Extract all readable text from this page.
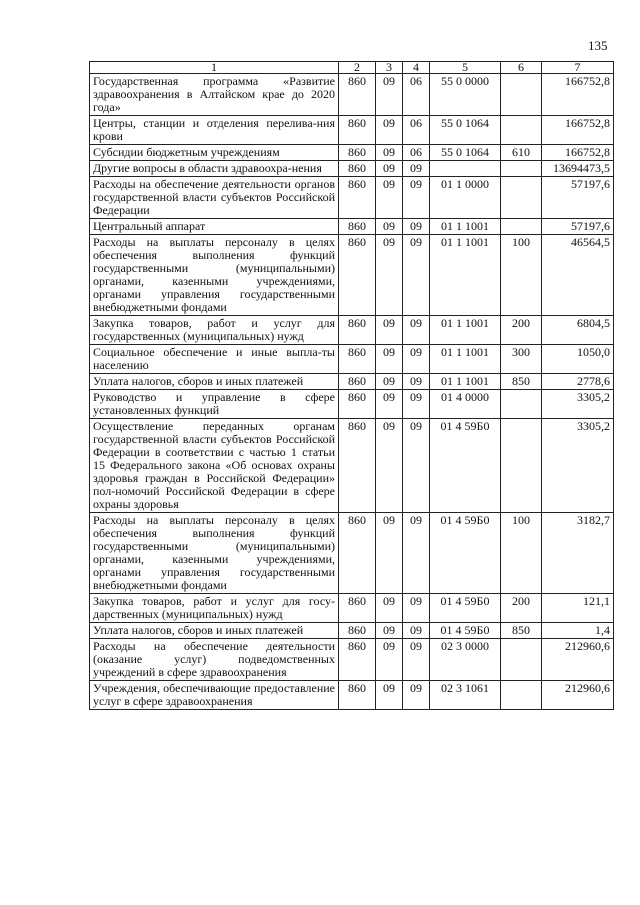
135
1	2	3	4	5	6	7
Государственная программа «Развитие здравоохранения в Алтайском крае до 2020 года»	860	09	06	55 0 0000		166752,8
Центры, станции и отделения перелива-ния крови	860	09	06	55 0 1064		166752,8
Субсидии бюджетным учреждениям	860	09	06	55 0 1064	610	166752,8
Другие вопросы в области здравоохра-нения	860	09	09			13694473,5
Расходы на обеспечение деятельности органов государственной власти субъектов Российской Федерации	860	09	09	01 1 0000		57197,6
Центральный аппарат	860	09	09	01 1 1001		57197,6
Расходы на выплаты персоналу в целях обеспечения выполнения функций государственными (муниципальными) органами, казенными учреждениями, органами управления государственными внебюджетными фондами	860	09	09	01 1 1001	100	46564,5
Закупка товаров, работ и услуг для государственных (муниципальных) нужд	860	09	09	01 1 1001	200	6804,5
Социальное обеспечение и иные выпла-ты населению	860	09	09	01 1 1001	300	1050,0
Уплата налогов, сборов и иных платежей	860	09	09	01 1 1001	850	2778,6
Руководство и управление в сфере установленных функций	860	09	09	01 4 0000		3305,2
Осуществление переданных органам государственной власти субъектов Российской Федерации в соответствии с частью 1 статьи 15 Федерального закона «Об основах охраны здоровья граждан в Российской Федерации» пол-номочий Российской Федерации в сфере охраны здоровья	860	09	09	01 4 59Б0		3305,2
Расходы на выплаты персоналу в целях обеспечения выполнения функций государственными (муниципальными) органами, казенными учреждениями, органами управления государственными внебюджетными фондами	860	09	09	01 4 59Б0	100	3182,7
Закупка товаров, работ и услуг для госу-дарственных (муниципальных) нужд	860	09	09	01 4 59Б0	200	121,1
Уплата налогов, сборов и иных платежей	860	09	09	01 4 59Б0	850	1,4
Расходы на обеспечение деятельности (оказание услуг) подведомственных учреждений в сфере здравоохранения	860	09	09	02 3 0000		212960,6
Учреждения, обеспечивающие предоставление услуг в сфере здравоохранения	860	09	09	02 3 1061		212960,6
